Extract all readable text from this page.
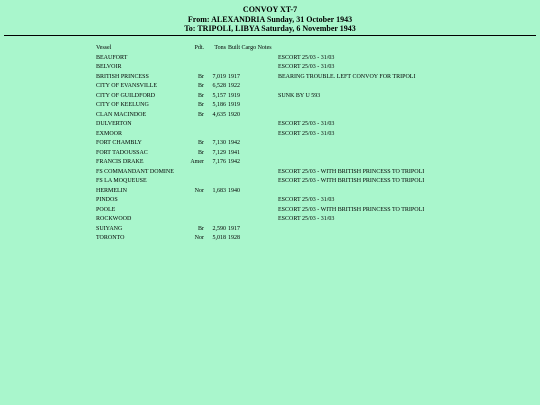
CONVOY XT-7
From: ALEXANDRIA Sunday, 31 October 1943
To: TRIPOLI, LIBYA Saturday, 6 November 1943
Vessel	Pdt.	Tons	Built Cargo Notes	
BEAUFORT				ESCORT 25/03 - 31/03
BELVOIR				ESCORT 25/03 - 31/03
BRITISH PRINCESS	Br	7,019	1917	BEARING TROUBLE. LEFT CONVOY FOR TRIPOLI
CITY OF EVANSVILLE	Br	6,528	1922	
CITY OF GUILDFORD	Br	5,157	1919	SUNK BY U 593
CITY OF KEELUNG	Br	5,186	1919	
CLAN MACINDOE	Br	4,635	1920	
DULVERTON				ESCORT 25/03 - 31/03
EXMOOR				ESCORT 25/03 - 31/03
FORT CHAMBLY	Br	7,130	1942	
FORT TADOUSSAC	Br	7,129	1941	
FRANCIS DRAKE	Amer	7,176	1942	
FS COMMANDANT DOMINE				ESCORT 25/03 - WITH BRITISH PRINCESS TO TRIPOLI
FS LA MOQUEUSE				ESCORT 25/03 - WITH BRITISH PRINCESS TO TRIPOLI
HERMELIN	Nor	1,683	1940	
PINDOS				ESCORT 25/03 - 31/03
POOLE				ESCORT 25/03 - WITH BRITISH PRINCESS TO TRIPOLI
ROCKWOOD				ESCORT 25/03 - 31/03
SUIYANG	Br	2,590	1917	
TORONTO	Nor	5,018	1928	
